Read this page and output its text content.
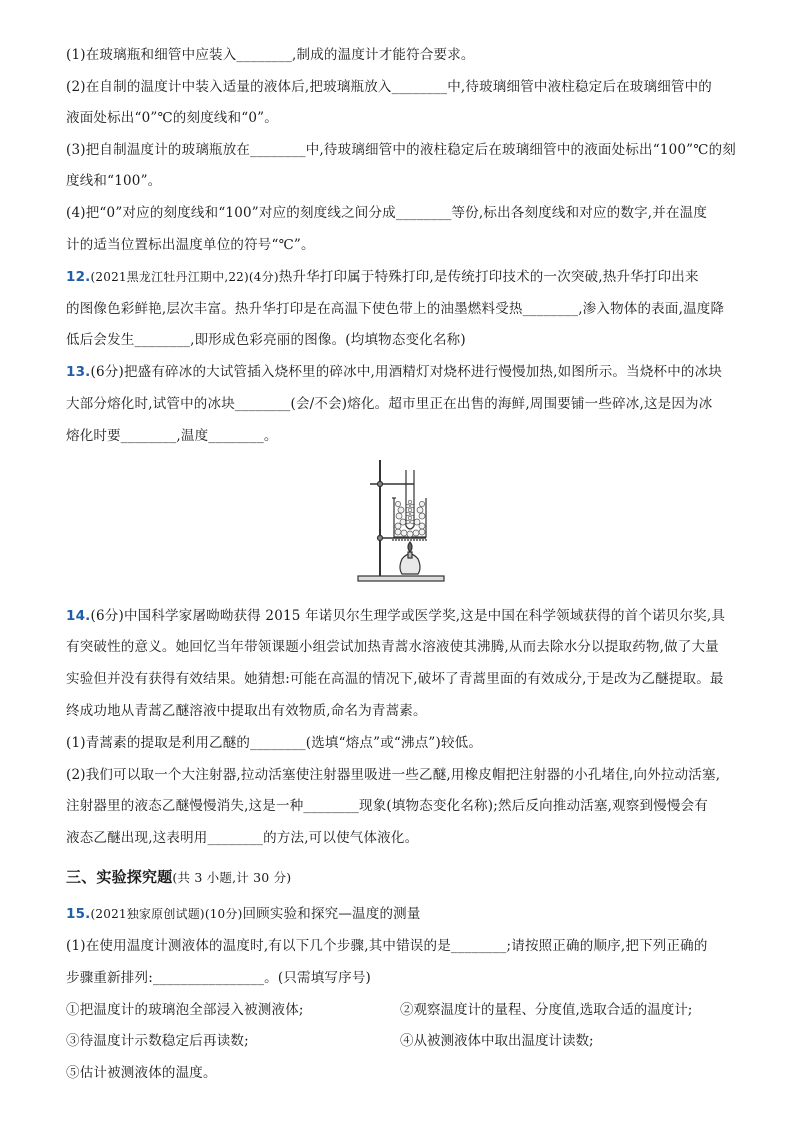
(1)在玻璃瓶和细管中应装入________,制成的温度计才能符合要求。
(2)在自制的温度计中装入适量的液体后,把玻璃瓶放入________中,待玻璃细管中液柱稳定后在玻璃细管中的
液面处标出“0”℃的刻度线和“0”。
(3)把自制温度计的玻璃瓶放在________中,待玻璃细管中的液柱稳定后在玻璃细管中的液面处标出“100”℃的刻
度线和“100”。
(4)把“0”对应的刻度线和“100”对应的刻度线之间分成________等份,标出各刻度线和对应的数字,并在温度
计的适当位置标出温度单位的符号“℃”。
12.(2021黑龙江牡丹江期中,22)(4分)热升华打印属于特殊打印,是传统打印技术的一次突破,热升华打印出来
的图像色彩鲜艳,层次丰富。热升华打印是在高温下使色带上的油墨燃料受热________,渗入物体的表面,温度降
低后会发生________,即形成色彩亮丽的图像。(均填物态变化名称)
13.(6分)把盛有碎冰的大试管插入烧杯里的碎冰中,用酒精灯对烧杯进行慢慢加热,如图所示。当烧杯中的冰块
大部分熔化时,试管中的冰块________(会/不会)熔化。超市里正在出售的海鲜,周围要铺一些碎冰,这是因为冰
熔化时要________,温度________。
14.(6分)中国科学家屠呦呦获得 2015 年诺贝尔生理学或医学奖,这是中国在科学领域获得的首个诺贝尔奖,具
有突破性的意义。她回忆当年带领课题小组尝试加热青蒿水溶液使其沸腾,从而去除水分以提取药物,做了大量
实验但并没有获得有效结果。她猜想:可能在高温的情况下,破坏了青蒿里面的有效成分,于是改为乙醚提取。最
终成功地从青蒿乙醚溶液中提取出有效物质,命名为青蒿素。
(1)青蒿素的提取是利用乙醚的________(选填“熔点”或“沸点”)较低。
(2)我们可以取一个大注射器,拉动活塞使注射器里吸进一些乙醚,用橡皮帽把注射器的小孔堵住,向外拉动活塞,
注射器里的液态乙醚慢慢消失,这是一种________现象(填物态变化名称);然后反向推动活塞,观察到慢慢会有
液态乙醚出现,这表明用________的方法,可以使气体液化。
三、实验探究题(共 3 小题,计 30 分)
15.(2021独家原创试题)(10分)回顾实验和探究—温度的测量
(1)在使用温度计测液体的温度时,有以下几个步骤,其中错误的是________;请按照正确的顺序,把下列正确的
步骤重新排列:________________。(只需填写序号)
①把温度计的玻璃泡全部浸入被测液体;	②观察温度计的量程、分度值,选取合适的温度计;
③待温度计示数稳定后再读数;	④从被测液体中取出温度计读数;
⑤估计被测液体的温度。
